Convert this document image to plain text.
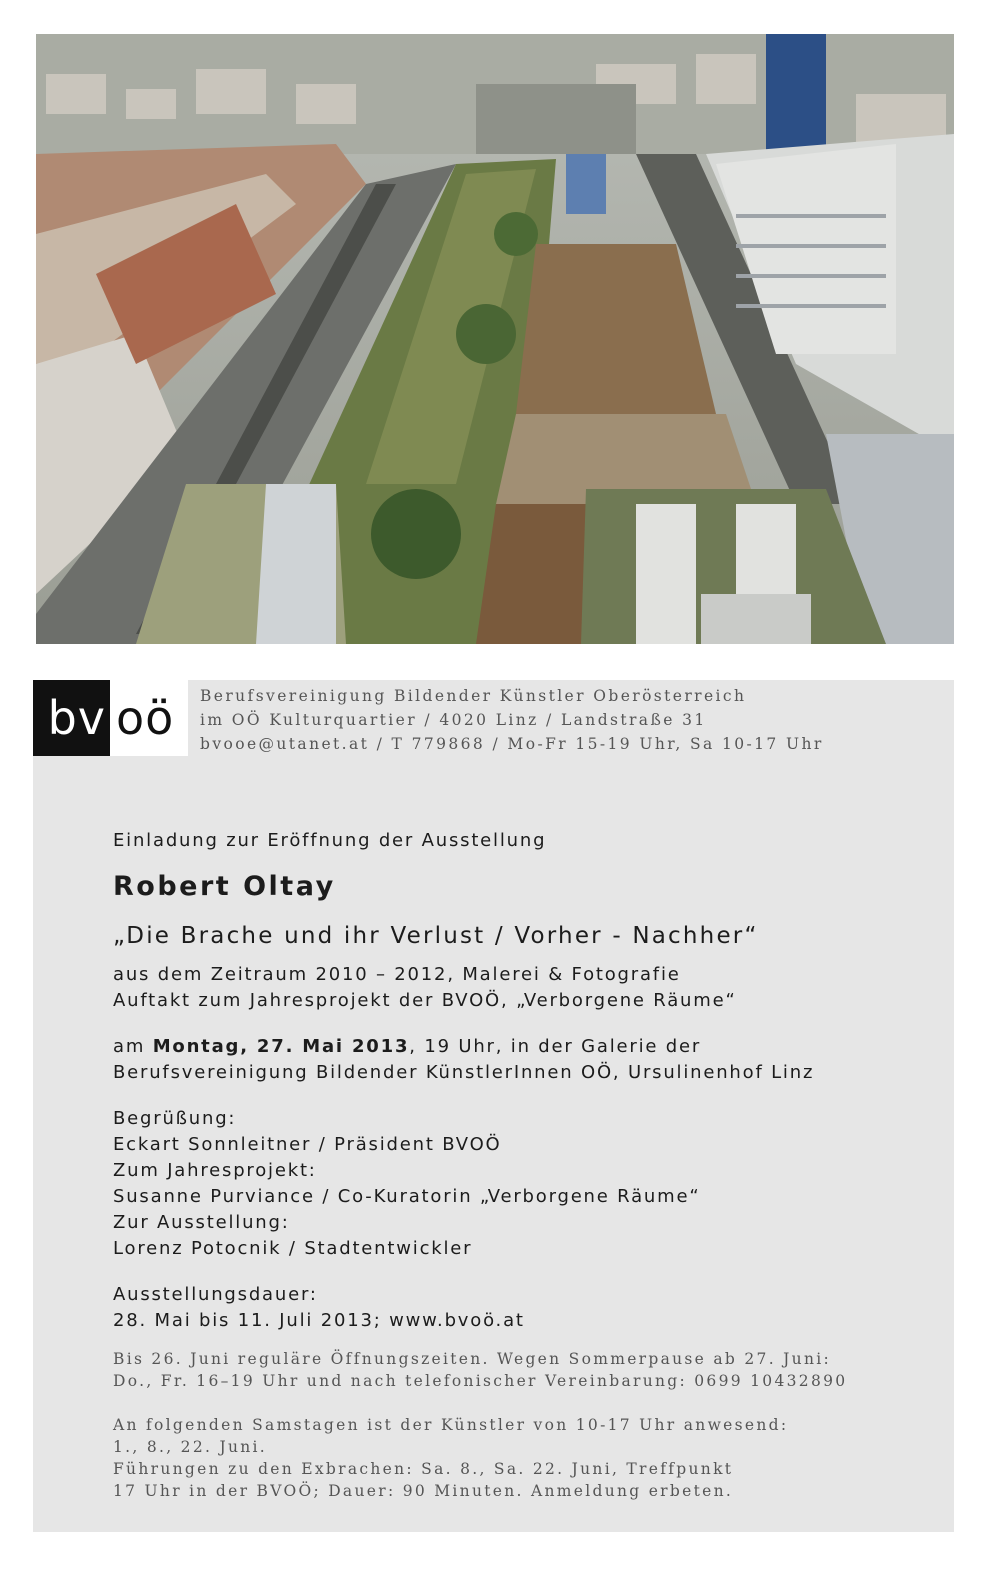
bv oö	Berufsvereinigung Bildender Künstler Oberösterreich
im OÖ Kulturquartier / 4020 Linz / Landstraße 31
bvooe@utanet.at / T 779868 / Mo-Fr 15-19 Uhr, Sa 10-17 Uhr
Einladung zur Eröffnung der Ausstellung
Robert Oltay
„Die Brache und ihr Verlust / Vorher - Nachher“
aus dem Zeitraum 2010 – 2012, Malerei & Fotografie
Auftakt zum Jahresprojekt der BVOÖ, „Verborgene Räume“
am Montag, 27. Mai 2013, 19 Uhr, in der Galerie der
Berufsvereinigung Bildender KünstlerInnen OÖ, Ursulinenhof Linz
Begrüßung:
Eckart Sonnleitner / Präsident BVOÖ
Zum Jahresprojekt:
Susanne Purviance / Co-Kuratorin „Verborgene Räume“
Zur Ausstellung:
Lorenz Potocnik / Stadtentwickler
Ausstellungsdauer:
28. Mai bis 11. Juli 2013; www.bvoö.at
Bis 26. Juni reguläre Öffnungszeiten. Wegen Sommerpause ab 27. Juni:
Do., Fr. 16–19 Uhr und nach telefonischer Vereinbarung: 0699 10432890
An folgenden Samstagen ist der Künstler von 10-17 Uhr anwesend:
1., 8., 22. Juni.
Führungen zu den Exbrachen: Sa. 8., Sa. 22. Juni, Treffpunkt
17 Uhr in der BVOÖ; Dauer: 90 Minuten. Anmeldung erbeten.
